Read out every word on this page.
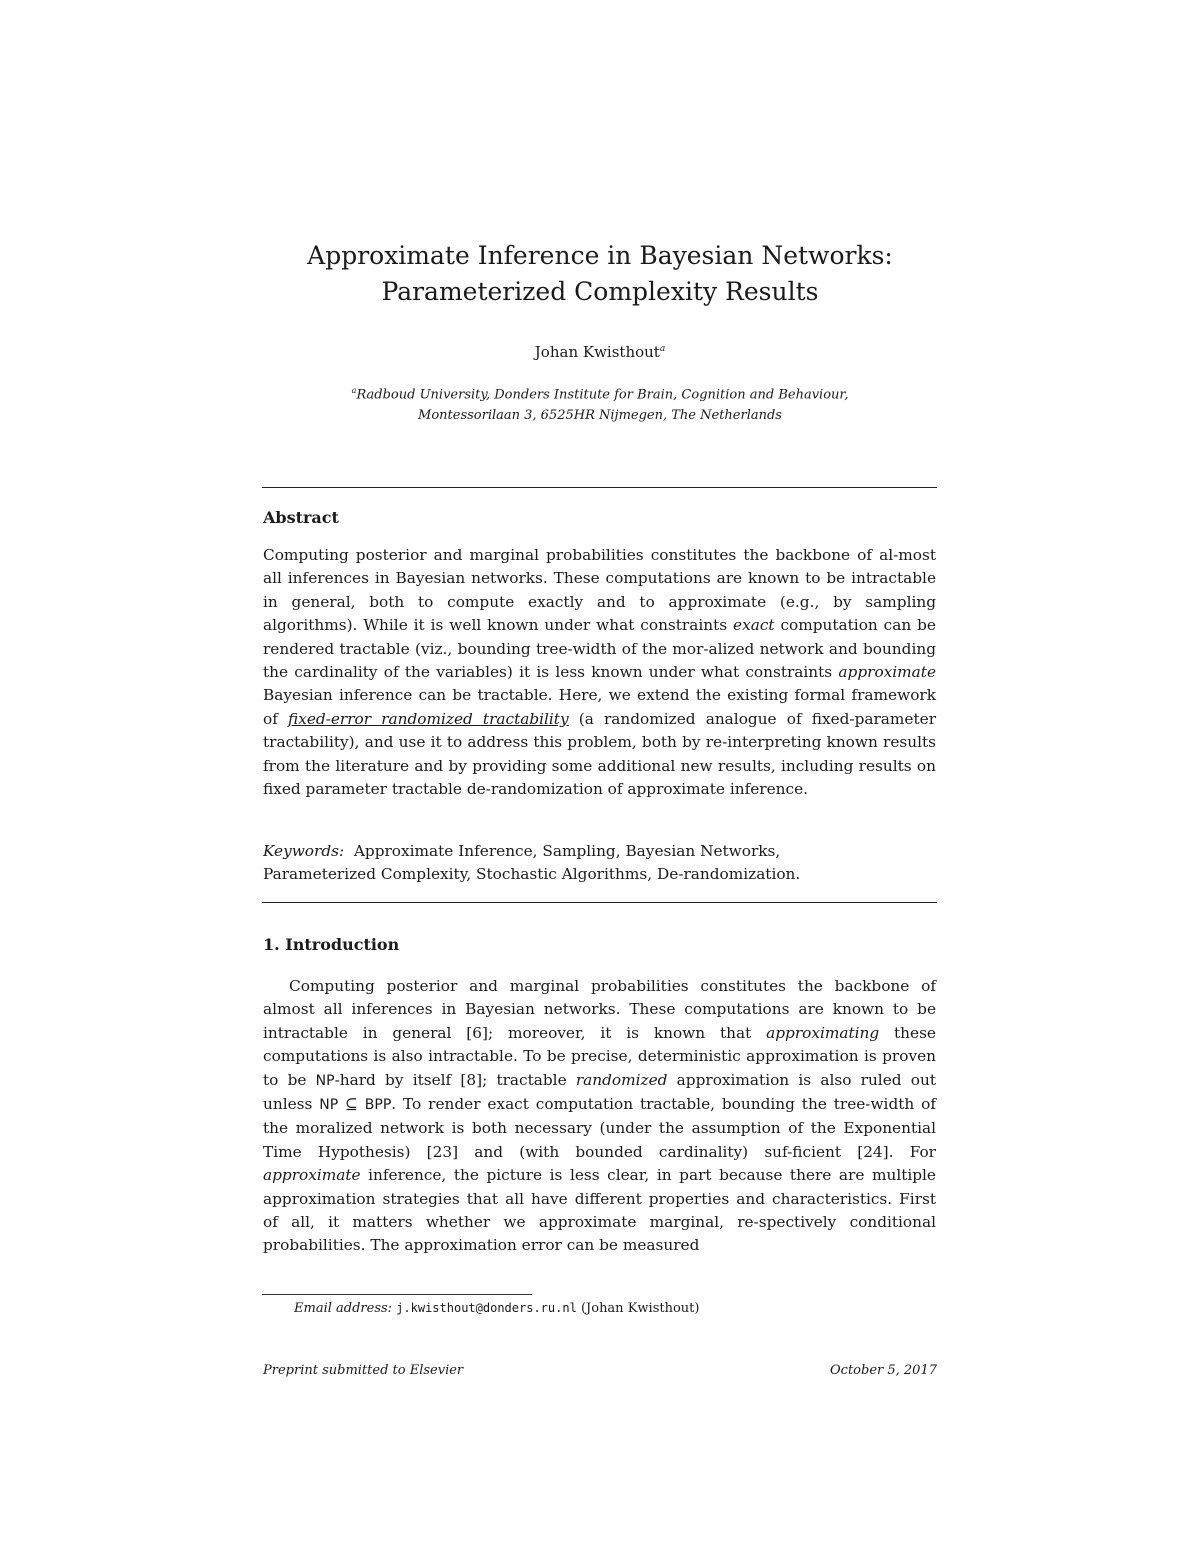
Approximate Inference in Bayesian Networks:
Parameterized Complexity Results
Johan Kwisthout$^a$
$^a$Radboud University, Donders Institute for Brain, Cognition and Behaviour,
Montessorilaan 3, 6525HR Nijmegen, The Netherlands
Abstract

Computing posterior and marginal probabilities constitutes the backbone of al-most all inferences in Bayesian networks. These computations are known to be intractable in general, both to compute exactly and to approximate (e.g., by sampling algorithms). While it is well known under what constraints exact computation can be rendered tractable (viz., bounding tree-width of the mor-alized network and bounding the cardinality of the variables) it is less known under what constraints approximate Bayesian inference can be tractable. Here, we extend the existing formal framework of fixed-error randomized tractability (a randomized analogue of fixed-parameter tractability), and use it to address this problem, both by re-interpreting known results from the literature and by providing some additional new results, including results on fixed parameter tractable de-randomization of approximate inference.

Keywords: Approximate Inference, Sampling, Bayesian Networks,
Parameterized Complexity, Stochastic Algorithms, De-randomization.

1. Introduction

Computing posterior and marginal probabilities constitutes the backbone of almost all inferences in Bayesian networks. These computations are known to be intractable in general [6]; moreover, it is known that approximating these computations is also intractable. To be precise, deterministic approximation is proven to be NP-hard by itself [8]; tractable randomized approximation is also ruled out unless NP ⊆ BPP. To render exact computation tractable, bounding the tree-width of the moralized network is both necessary (under the assumption of the Exponential Time Hypothesis) [23] and (with bounded cardinality) suf-ficient [24]. For approximate inference, the picture is less clear, in part because there are multiple approximation strategies that all have different properties and characteristics. First of all, it matters whether we approximate marginal, re-spectively conditional probabilities. The approximation error can be measured

Email address: j.kwisthout@donders.ru.nl (Johan Kwisthout)
Preprint submitted to Elsevier	October 5, 2017
